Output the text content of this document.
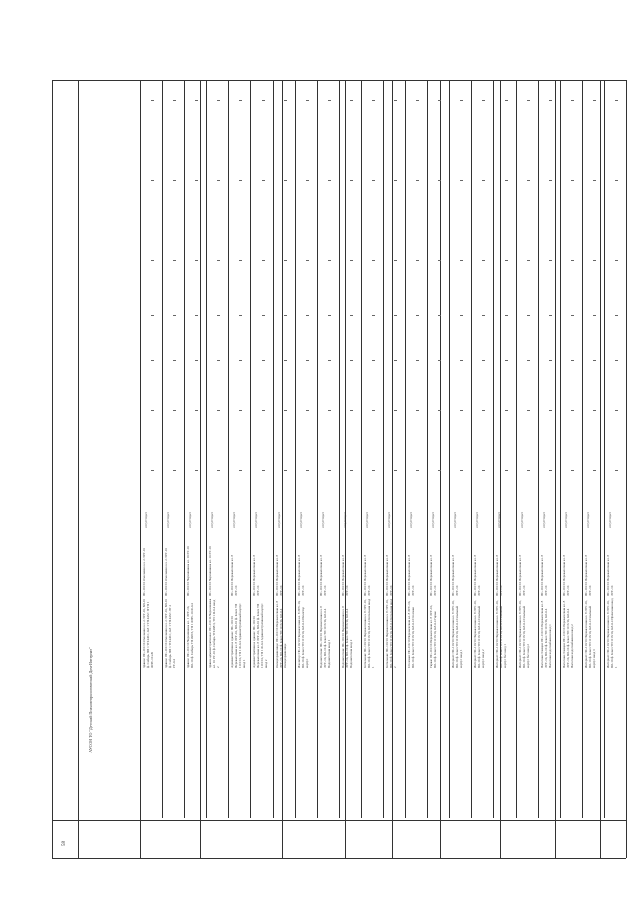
Здание: ПС-110/10 Омолжино кл. 2 ЭРУ-10, ВЛ-10 ф. Сибирь ПП 1 ТП 446/с, КЛ 1 ТП 446/с П ТП 1 ФПУ-10 кВ
ПС-110/10 Омолжино кл. 2 ЭРУ-10
отсутствует
Здание: ПС-110/10 Омолжино кл. 2 ЭРУ-10, ВЛ-10 ф. Сибирь ПП 1 ТП 446/с, КЛ 1 ТП 446/с ЛТ 2 РУ-0.4
ПС-110/10 Омолжино кл. 2 ЭРУ-10
отсутствует
Здание: ПС-110/10 Черемшанка кл. 1 ЭРУ-10, ВЛ-10 ф. Сибирь ТП 498/3, ТП 1 ФПУ-10 Ф-0.4
ПС-110/10 Черемшанка кл. 10 РУ-10
отсутствует
Здание административное: ПС-110/10 Черемшанка кл. 10 РУ-10 ф. Сибирь ТП 498/3, ТП 1 Ф-0.4 ввод 2
ПС-110/10 Черемшанка кл. 10 РУ-10
отсутствует
Административное здание: ПС-110/10 Перевалочная кл. 8 ЭРУ-10, ВЛ-10 ф. Ключ ТП 1116/10, ТП 1 Ф-0.4 Административный корпус ввод 1
ПС-110/10 Перевалочная кл. 8 ЭРУ-10
отсутствует
Административное здание: ПС-110/10 Перевалочная кл. 8 ЭРУ-10, ВЛ-10 ф. Ключ ТП 1116/10, ТП 1 Ф-0.4 Административный корпус ввод 2
ПС-110/10 Перевалочная кл. 8 ЭРУ-10
отсутствует
Овощехранилище: ПС-110/10 Перевалочная кл. 8 ЭРУ-10, ВЛ-10 ф. Ключ ТП 1116/10, КЛ-0.4 Овощехранилище
ПС-110/10 Перевалочная кл. 8 ЭРУ-10
отсутствует
Изолятор: ПС-110/10 Перевалочная кл. 8 ЭРУ-10, ВЛ-10 ф. Ключ ТП 1116/10, КЛ-0.4 Изолятор корпус
ПС-110/10 Перевалочная кл. 8 ЭРУ-10
отсутствует
Водонасосная: ПС-110/10 Перевалочная кл. 8 ЭРУ-10, ВЛ-10 ф. Ключ ТП 1116/10, КЛ-0.4 Водонасосная ввод 1
ПС-110/10 Перевалочная кл. 8 ЭРУ-10
отсутствует
Водонасосная: ПС-110/10 Перевалочная кл. 8 ЭРУ-10, ВЛ-10 ф. Ключ ТП 1116/10, КЛ-0.4 Водонасосная ввод 2
ПС-110/10 Перевалочная кл. 8 ЭРУ-10
отсутствует
Котельная: ПС-110/10 Перевалочная кл. 8 ЭРУ-10, ВЛ-10 ф. Ключ ТП 1116/10, КЛ-0.4 Котельная ввод 1
ПС-110/10 Перевалочная кл. 8 ЭРУ-10
отсутствует
Котельная: ПС-110/10 Перевалочная кл. 8 ЭРУ-10, ВЛ-10 ф. Ключ ТП 1116/10, КЛ-0.4 Котельная ввод 2
ПС-110/10 Перевалочная кл. 8 ЭРУ-10
отсутствует
Столовая: ПС-110/10 Перевалочная кл. 8 ЭРУ-10, ВЛ-10 ф. Ключ ТП 1116/10, КЛ-0.4 Столовая
ПС-110/10 Перевалочная кл. 8 ЭРУ-10
отсутствует
Гараж: ПС-110/10 Перевалочная кл. 8 ЭРУ-10, ВЛ-10 ф. Ключ ТП 1116/10, КЛ-0.4 Гараж
ПС-110/10 Перевалочная кл. 8 ЭРУ-10
отсутствует
Интернат: ПС-110/10 Перевалочная кл. 8 ЭРУ-10, ВЛ-10 ф. Ключ ТП 1116/10, КЛ-0.4 Спальный корпус ввод 1
ПС-110/10 Перевалочная кл. 8 ЭРУ-10
отсутствует
Интернат: ПС-110/10 Перевалочная кл. 8 ЭРУ-10, ВЛ-10 ф. Ключ ТП 1116/10, КЛ-0.4 Спальный корпус ввод 2
ПС-110/10 Перевалочная кл. 8 ЭРУ-10
отсутствует
Интернат: ПС-110/10 Перевалочная кл. 8 ЭРУ-10, ВЛ-10 ф. Ключ ТП 1116/10, КЛ-0.4 Спальный корпус №1 ввод 1
ПС-110/10 Перевалочная кл. 8 ЭРУ-10
отсутствует
Интернат: ПС-110/10 Перевалочная кл. 8 ЭРУ-10, ВЛ-10 ф. Ключ ТП 1116/10, КЛ-0.4 Спальный корпус №1 ввод 2
ПС-110/10 Перевалочная кл. 8 ЭРУ-10
отсутствует
Насосная станция: ПС-110/10 Перевалочная кл. 8 ЭРУ-10, ВЛ-10 ф. Ключ ТП 1116/10, КЛ-0.4 Насосная водоснабжения ввод 1
ПС-110/10 Перевалочная кл. 8 ЭРУ-10
отсутствует
Насосная станция: ПС-110/10 Перевалочная кл. 8 ЭРУ-10, ВЛ-10 ф. Ключ ТП 1116/10, КЛ-0.4 Насосная водоснабжения ввод 2
ПС-110/10 Перевалочная кл. 8 ЭРУ-10
отсутствует
Интернат: ПС-110/10 Перевалочная кл. 8 ЭРУ-10, ВЛ-10 ф. Ключ ТП 1116/10, КЛ-0.4 Спальный корпус ввод 3
ПС-110/10 Перевалочная кл. 8 ЭРУ-10
отсутствует
Интернат: ПС-110/10 Перевалочная кл. 8 ЭРУ-10, ВЛ-10 ф. Ключ ТП 1116/10, КЛ-0.4 Прачечная ввод 1
ПС-110/10 Перевалочная кл. 8 ЭРУ-10
отсутствует
58
АУСОН ТО "Детский Психоневрологический Дом-Интернат"
